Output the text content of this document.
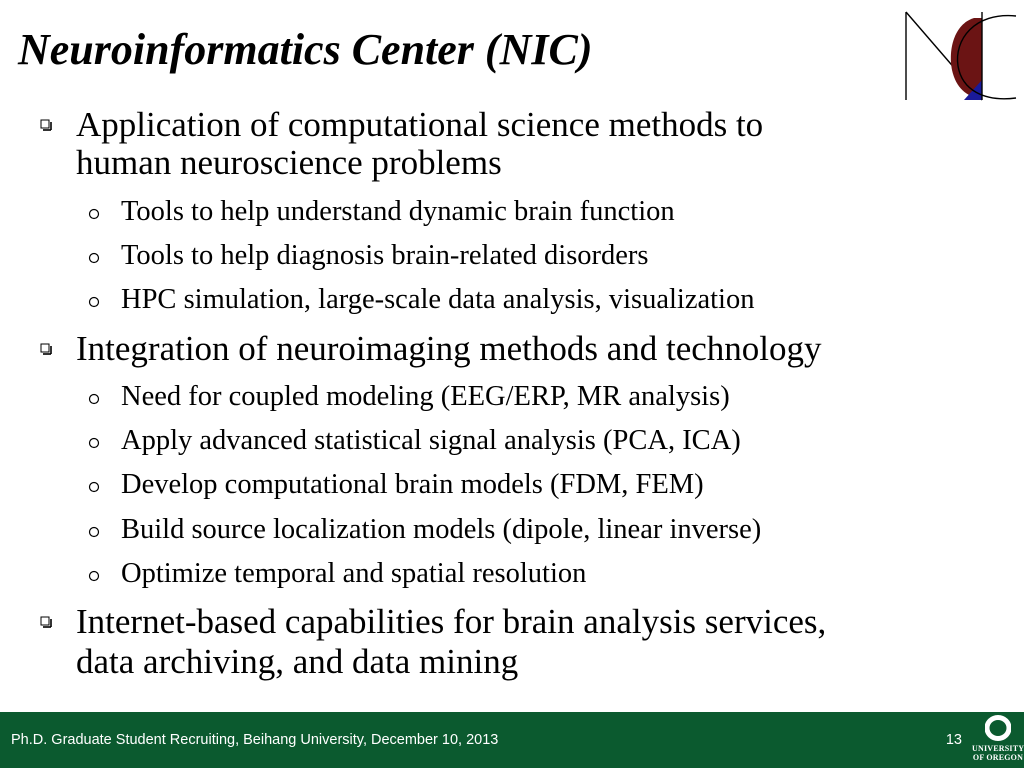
Neuroinformatics Center (NIC)
Application of computational science methods to
human neuroscience problems
Tools to help understand dynamic brain function
Tools to help diagnosis brain-related disorders
HPC simulation, large-scale data analysis, visualization
Integration of neuroimaging methods and technology
Need for coupled modeling (EEG/ERP, MR analysis)
Apply advanced statistical signal analysis (PCA, ICA)
Develop computational brain models (FDM, FEM)
Build source localization models (dipole, linear inverse)
Optimize temporal and spatial resolution
Internet-based capabilities for brain analysis services,
data archiving, and data mining
Ph.D. Graduate Student Recruiting, Beihang University, December 10, 2013	13
UNIVERSITY
OF OREGON
